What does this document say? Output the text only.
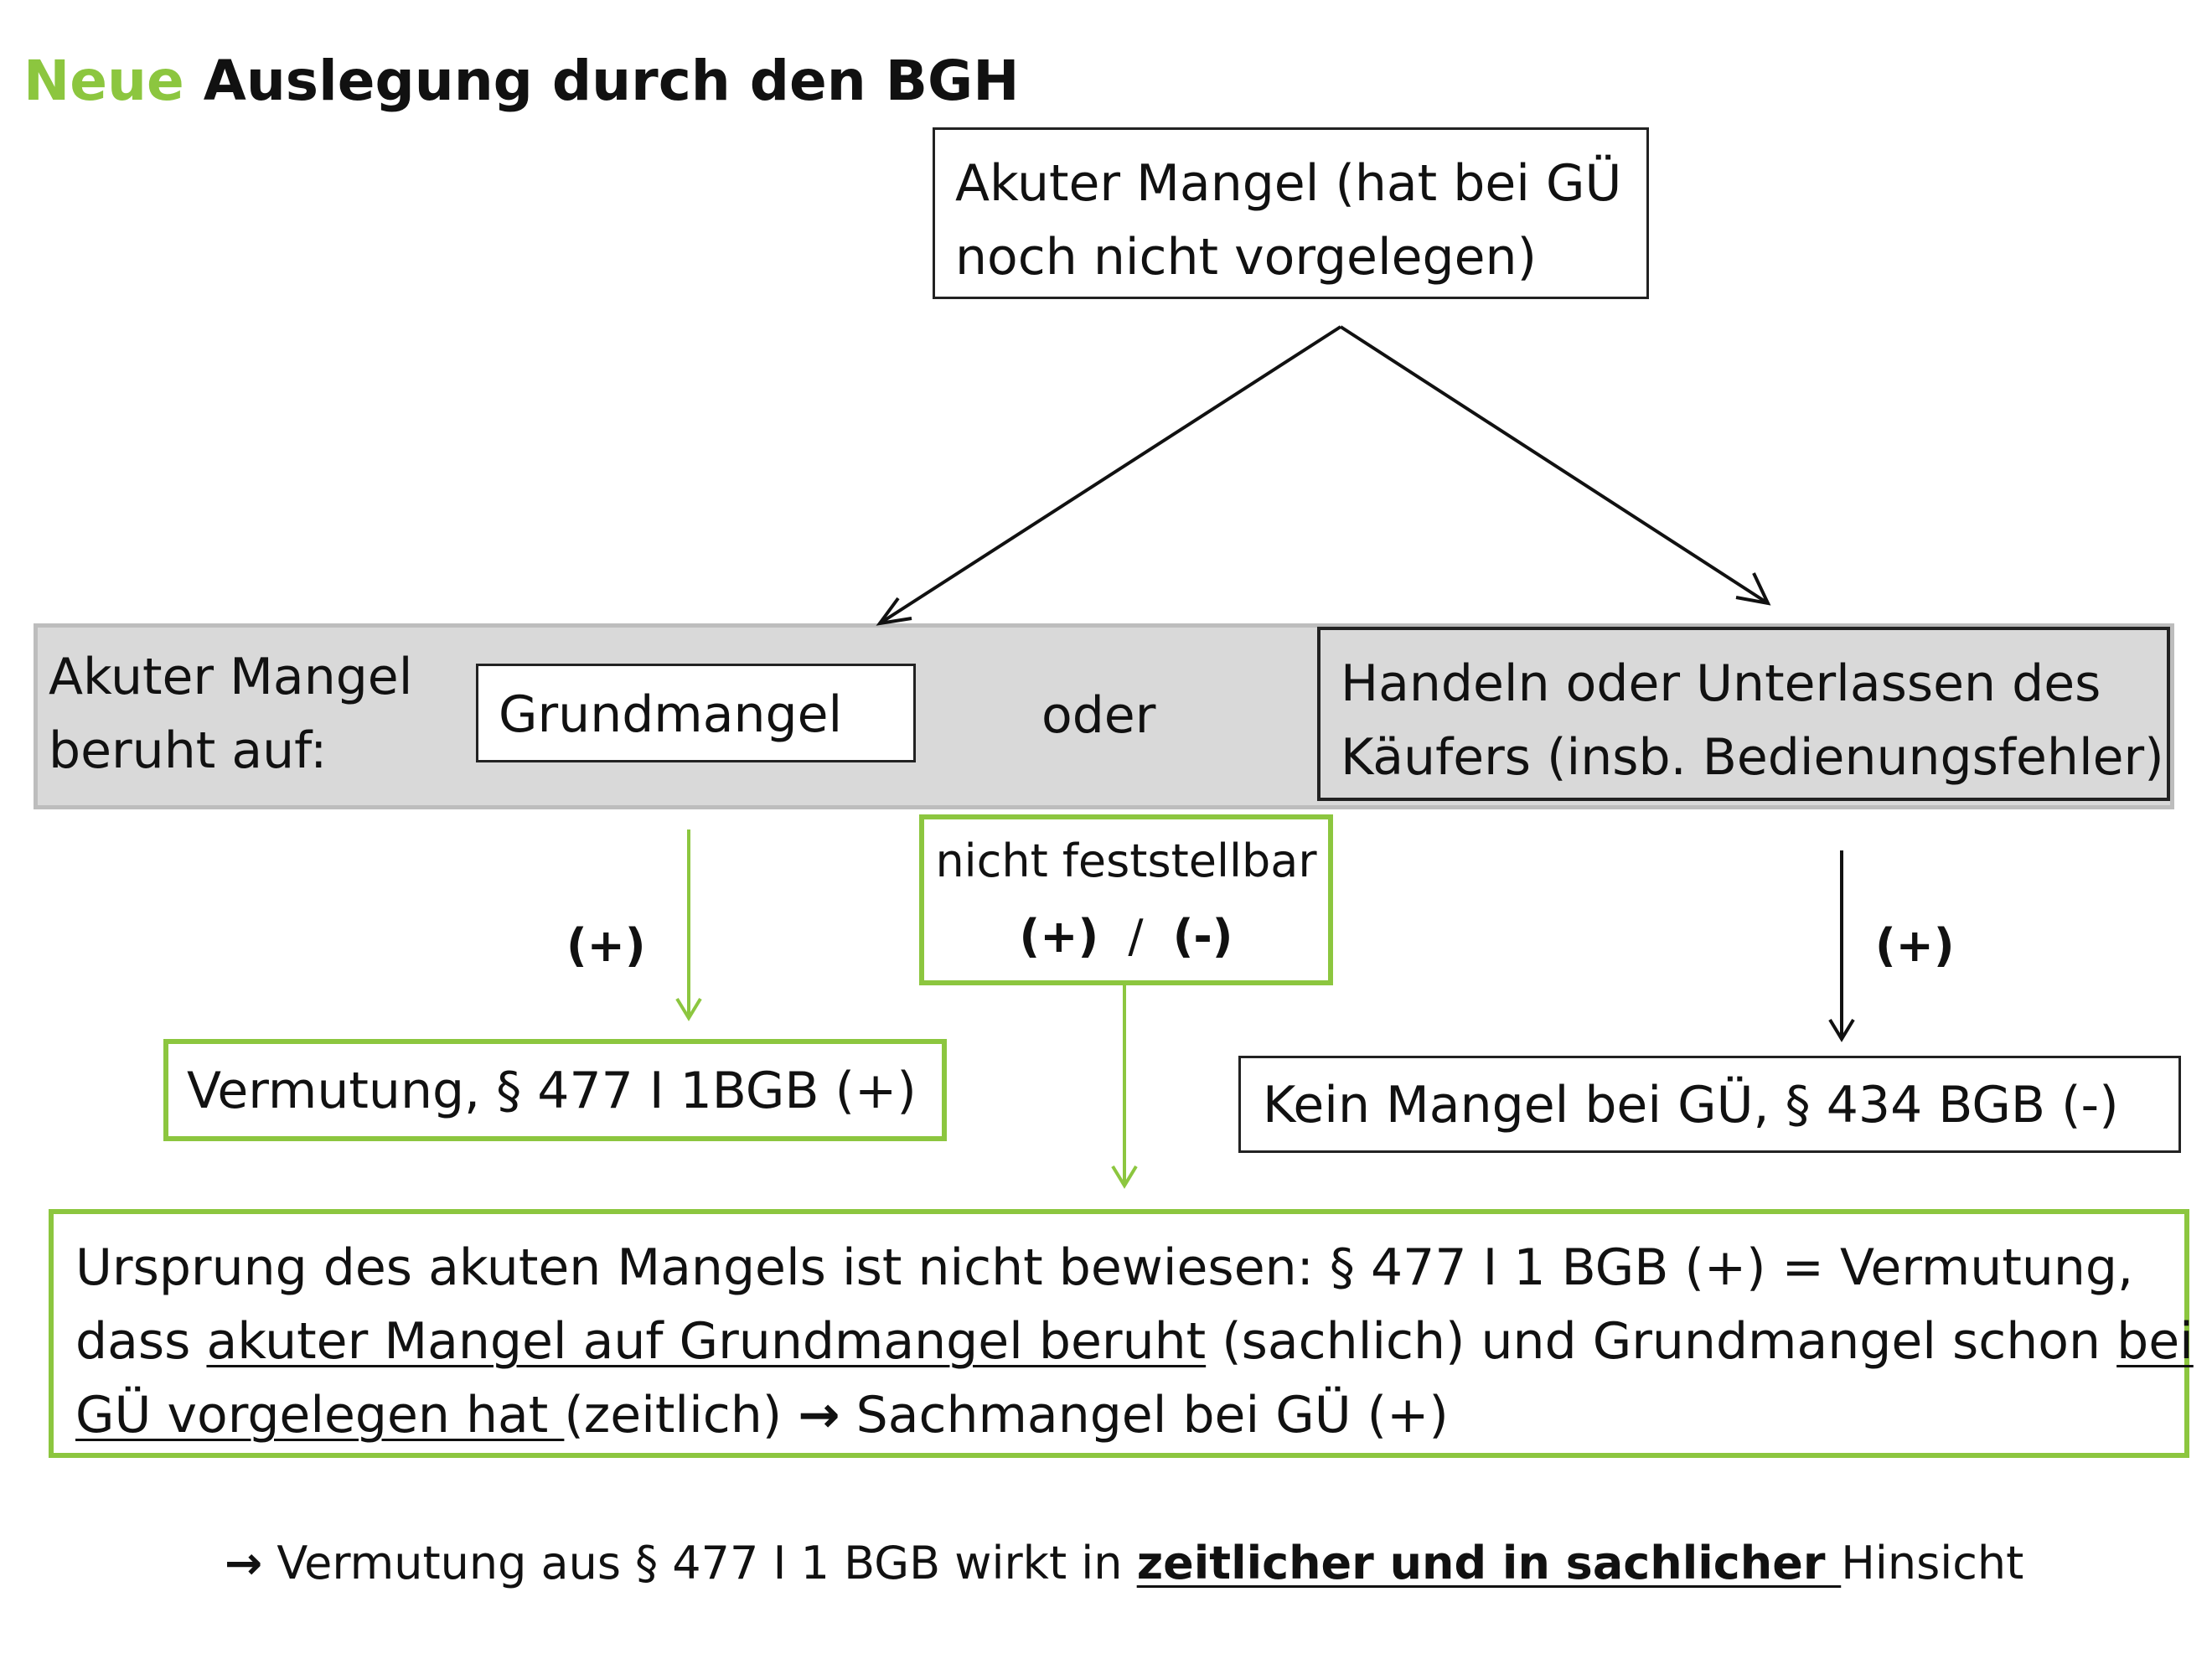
Neue Auslegung durch den BGH
Akuter Mangel (hat bei GÜ
noch nicht vorgelegen)
Akuter Mangel
beruht auf:
Grundmangel	oder
Handeln oder Unterlassen des
Käufers (insb. Bedienungsfehler)
(+)
Vermutung, § 477 I 1BGB (+)
nicht feststellbar
(+) / (-)	(+)
Kein Mangel bei GÜ, § 434 BGB (-)
Ursprung des akuten Mangels ist nicht bewiesen: § 477 I 1 BGB (+) = Vermutung,
dass akuter Mangel auf Grundmangel beruht (sachlich) und Grundmangel schon bei
GÜ vorgelegen hat (zeitlich) → Sachmangel bei GÜ (+)
→ Vermutung aus § 477 I 1 BGB wirkt in zeitlicher und in sachlicher Hinsicht
